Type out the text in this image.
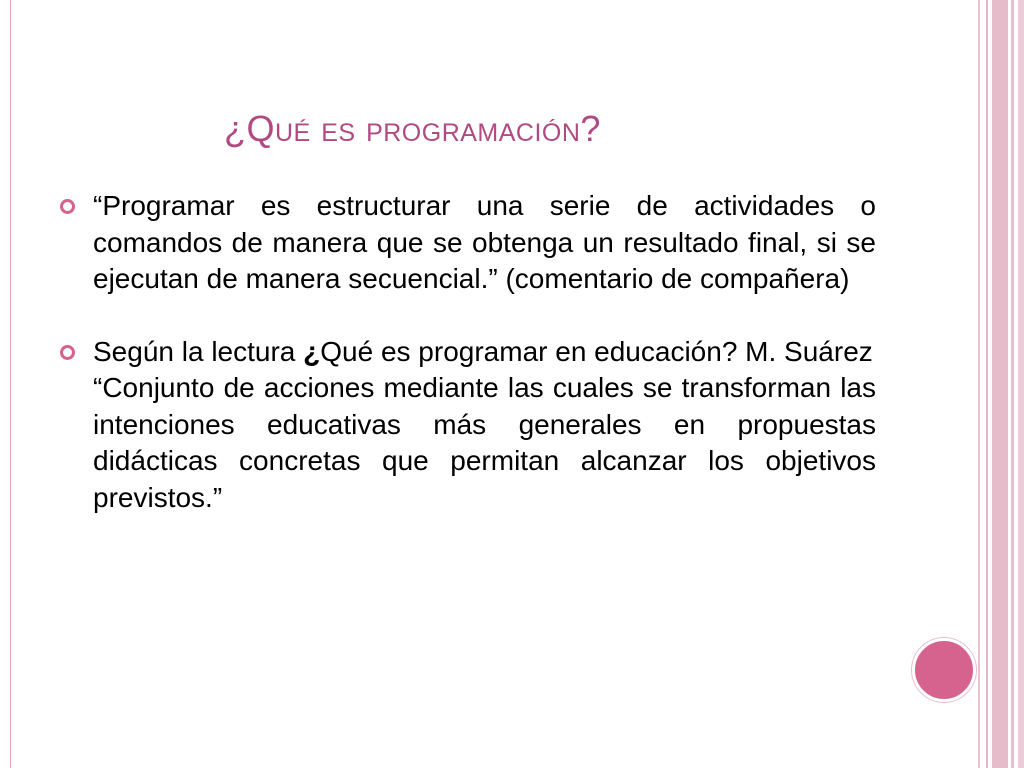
¿Qué es programación?
“Programar es estructurar una serie de actividades o comandos de manera que se obtenga un resultado final, si se ejecutan de manera secuencial.” (comentario de compañera)
Según la lectura ¿Qué es programar en educación? M. Suárez
“Conjunto de acciones mediante las cuales se transforman las intenciones educativas más generales en propuestas didácticas concretas que permitan alcanzar los objetivos previstos.”
